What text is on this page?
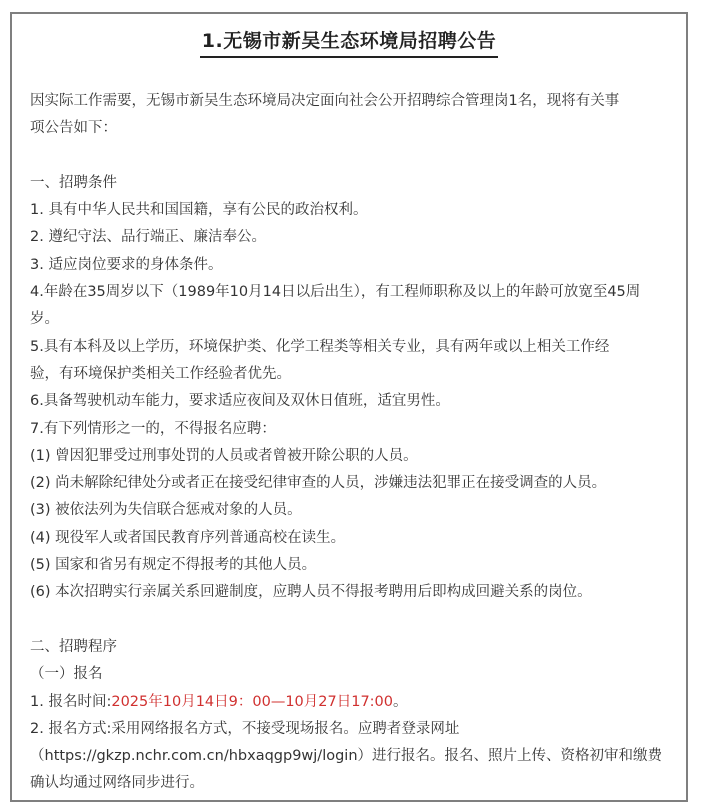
1.无锡市新吴生态环境局招聘公告
因实际工作需要，无锡市新吴生态环境局决定面向社会公开招聘综合管理岗1名，现将有关事
项公告如下：
一、招聘条件
1. 具有中华人民共和国国籍，享有公民的政治权利。
2. 遵纪守法、品行端正、廉洁奉公。
3. 适应岗位要求的身体条件。
4.年龄在35周岁以下（1989年10月14日以后出生），有工程师职称及以上的年龄可放宽至45周
岁。
5.具有本科及以上学历，环境保护类、化学工程类等相关专业，具有两年或以上相关工作经
验，有环境保护类相关工作经验者优先。
6.具备驾驶机动车能力，要求适应夜间及双休日值班，适宜男性。
7.有下列情形之一的，不得报名应聘：
(1) 曾因犯罪受过刑事处罚的人员或者曾被开除公职的人员。
(2) 尚未解除纪律处分或者正在接受纪律审查的人员，涉嫌违法犯罪正在接受调查的人员。
(3) 被依法列为失信联合惩戒对象的人员。
(4) 现役军人或者国民教育序列普通高校在读生。
(5) 国家和省另有规定不得报考的其他人员。
(6) 本次招聘实行亲属关系回避制度，应聘人员不得报考聘用后即构成回避关系的岗位。
二、招聘程序
（一）报名
1. 报名时间:2025年10月14日9：00—10月27日17:00。
2. 报名方式:采用网络报名方式，不接受现场报名。应聘者登录网址
（https://gkzp.nchr.com.cn/hbxaqgp9wj/login）进行报名。报名、照片上传、资格初审和缴费
确认均通过网络同步进行。
